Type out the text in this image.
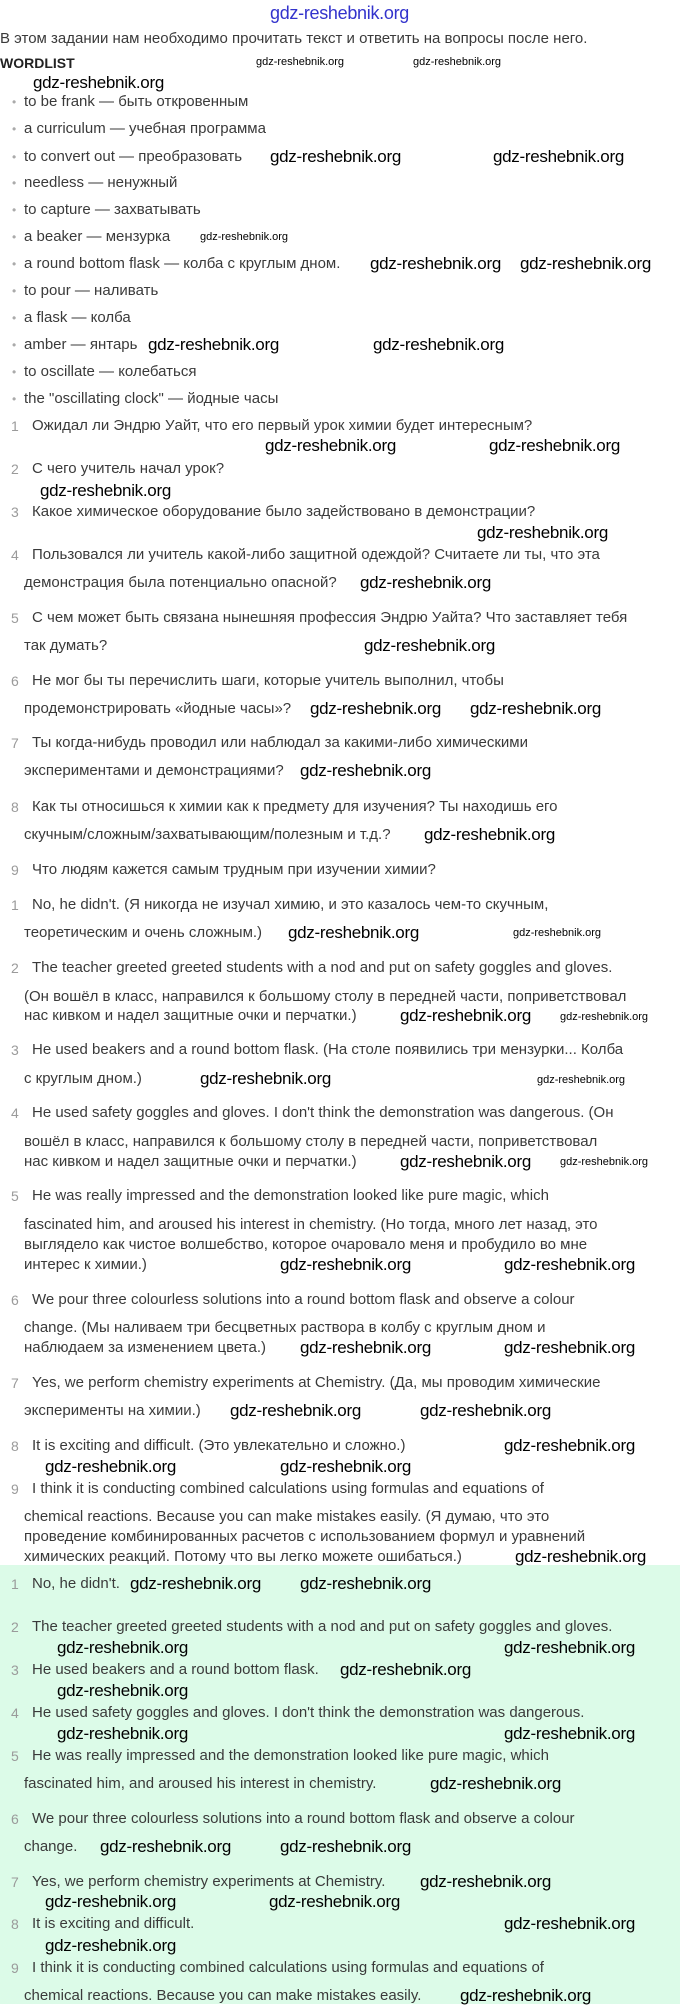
В этом задании нам необходимо прочитать текст и ответить на вопросы после него.
WORDLIST
• to be frank — быть откровенным
• a curriculum — учебная программа
• to convert out — преобразовать
• needless — ненужный
• to capture — захватывать
• a beaker — мензурка
• a round bottom flask — колба с круглым дном.
• to pour — наливать
• a flask — колба
• amber — янтарь
• to oscillate — колебаться
• the "oscillating clock" — йодные часы
1 Ожидал ли Эндрю Уайт, что его первый урок химии будет интересным?
2 С чего учитель начал урок?
3 Какое химическое оборудование было задействовано в демонстрации?
4 Пользовался ли учитель какой-либо защитной одеждой? Считаете ли ты, что эта
демонстрация была потенциально опасной?
5 С чем может быть связана нынешняя профессия Эндрю Уайта? Что заставляет тебя
так думать?
6 Не мог бы ты перечислить шаги, которые учитель выполнил, чтобы
продемонстрировать «йодные часы»?
7 Ты когда-нибудь проводил или наблюдал за какими-либо химическими
экспериментами и демонстрациями?
8 Как ты относишься к химии как к предмету для изучения? Ты находишь его
скучным/сложным/захватывающим/полезным и т.д.?
9 Что людям кажется самым трудным при изучении химии?
1 No, he didn't. (Я никогда не изучал химию, и это казалось чем-то скучным,
теоретическим и очень сложным.)
2 The teacher greeted greeted students with a nod and put on safety goggles and gloves.
(Он вошёл в класс, направился к большому столу в передней части, поприветствовал
нас кивком и надел защитные очки и перчатки.)
3 He used beakers and a round bottom flask. (На столе появились три мензурки... Колба
с круглым дном.)
4 He used safety goggles and gloves. I don't think the demonstration was dangerous. (Он
вошёл в класс, направился к большому столу в передней части, поприветствовал
нас кивком и надел защитные очки и перчатки.)
5 He was really impressed and the demonstration looked like pure magic, which
fascinated him, and aroused his interest in chemistry. (Но тогда, много лет назад, это
выглядело как чистое волшебство, которое очаровало меня и пробудило во мне
интерес к химии.)
6 We pour three colourless solutions into a round bottom flask and observe a colour
change. (Мы наливаем три бесцветных раствора в колбу с круглым дном и
наблюдаем за изменением цвета.)
7 Yes, we perform chemistry experiments at Chemistry. (Да, мы проводим химические
эксперименты на химии.)
8 It is exciting and difficult. (Это увлекательно и сложно.)
9 I think it is conducting combined calculations using formulas and equations of
chemical reactions. Because you can make mistakes easily. (Я думаю, что это
проведение комбинированных расчетов с использованием формул и уравнений
химических реакций. Потому что вы легко можете ошибаться.)
1 No, he didn't.
2 The teacher greeted greeted students with a nod and put on safety goggles and gloves.
3 He used beakers and a round bottom flask.
4 He used safety goggles and gloves. I don't think the demonstration was dangerous.
5 He was really impressed and the demonstration looked like pure magic, which
fascinated him, and aroused his interest in chemistry.
6 We pour three colourless solutions into a round bottom flask and observe a colour
change.
7 Yes, we perform chemistry experiments at Chemistry.
8 It is exciting and difficult.
9 I think it is conducting combined calculations using formulas and equations of
chemical reactions. Because you can make mistakes easily.
gdz-reshebnik.org
gdz-reshebnik.org	gdz-reshebnik.org
gdz-reshebnik.org
gdz-reshebnik.org	gdz-reshebnik.org
gdz-reshebnik.org
gdz-reshebnik.org gdz-reshebnik.org
gdz-reshebnik.org	gdz-reshebnik.org
gdz-reshebnik.org	gdz-reshebnik.org
gdz-reshebnik.org
gdz-reshebnik.org
gdz-reshebnik.org
gdz-reshebnik.org
gdz-reshebnik.org gdz-reshebnik.org
gdz-reshebnik.org
gdz-reshebnik.org
gdz-reshebnik.org	gdz-reshebnik.org
gdz-reshebnik.org	gdz-reshebnik.org
gdz-reshebnik.org	gdz-reshebnik.org
gdz-reshebnik.org	gdz-reshebnik.org
gdz-reshebnik.org	gdz-reshebnik.org
gdz-reshebnik.org	gdz-reshebnik.org
gdz-reshebnik.org	gdz-reshebnik.org
gdz-reshebnik.org
gdz-reshebnik.org	gdz-reshebnik.org
gdz-reshebnik.org
gdz-reshebnik.org gdz-reshebnik.org
gdz-reshebnik.org	gdz-reshebnik.org
gdz-reshebnik.org
gdz-reshebnik.org
gdz-reshebnik.org	gdz-reshebnik.org
gdz-reshebnik.org
gdz-reshebnik.org	gdz-reshebnik.org
gdz-reshebnik.org
gdz-reshebnik.org	gdz-reshebnik.org
gdz-reshebnik.org
gdz-reshebnik.org
gdz-reshebnik.org
